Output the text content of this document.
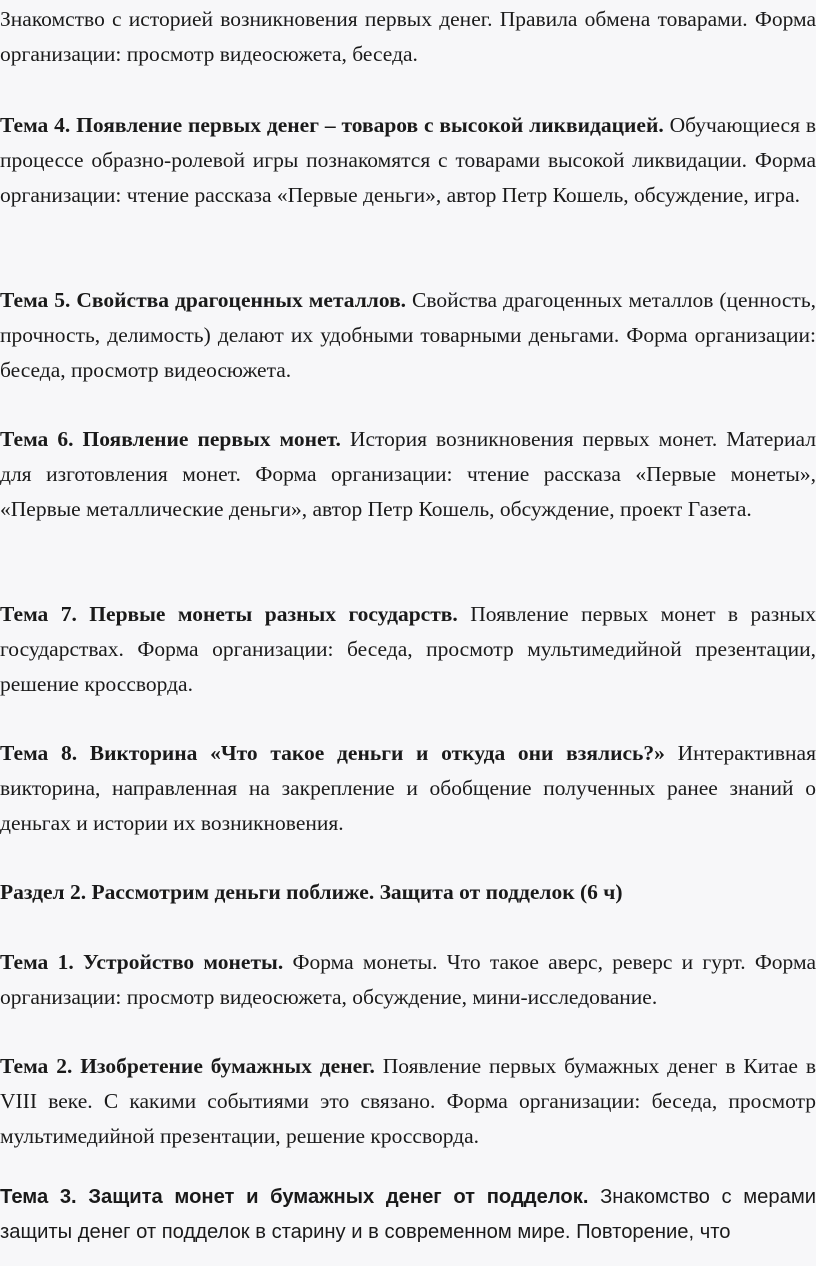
Знакомство с историей возникновения первых денег. Правила обмена товарами. Форма организации: просмотр видеосюжета, беседа.

Тема 4. Появление первых денег – товаров с высокой ликвидацией. Обучающиеся в процессе образно-ролевой игры познакомятся с товарами высокой ликвидации. Форма организации: чтение рассказа «Первые деньги», автор Петр Кошель, обсуждение, игра.

Тема 5. Свойства драгоценных металлов. Свойства драгоценных металлов (ценность, прочность, делимость) делают их удобными товарными деньгами. Форма организации: беседа, просмотр видеосюжета.

Тема 6. Появление первых монет. История возникновения первых монет. Материал для изготовления монет. Форма организации: чтение рассказа «Первые монеты», «Первые металлические деньги», автор Петр Кошель, обсуждение, проект Газета.

Тема 7. Первые монеты разных государств. Появление первых монет в разных государствах. Форма организации: беседа, просмотр мультимедийной презентации, решение кроссворда.

Тема 8. Викторина «Что такое деньги и откуда они взялись?» Интерактивная викторина, направленная на закрепление и обобщение полученных ранее знаний о деньгах и истории их возникновения.

Раздел 2. Рассмотрим деньги поближе. Защита от подделок (6 ч)

Тема 1. Устройство монеты. Форма монеты. Что такое аверс, реверс и гурт. Форма организации: просмотр видеосюжета, обсуждение, мини-исследование.

Тема 2. Изобретение бумажных денег. Появление первых бумажных денег в Китае в VIII веке. С какими событиями это связано. Форма организации: беседа, просмотр мультимедийной презентации, решение кроссворда.

Тема 3. Защита монет и бумажных денег от подделок. Знакомство с мерами защиты денег от подделок в старину и в современном мире. Повторение, что
